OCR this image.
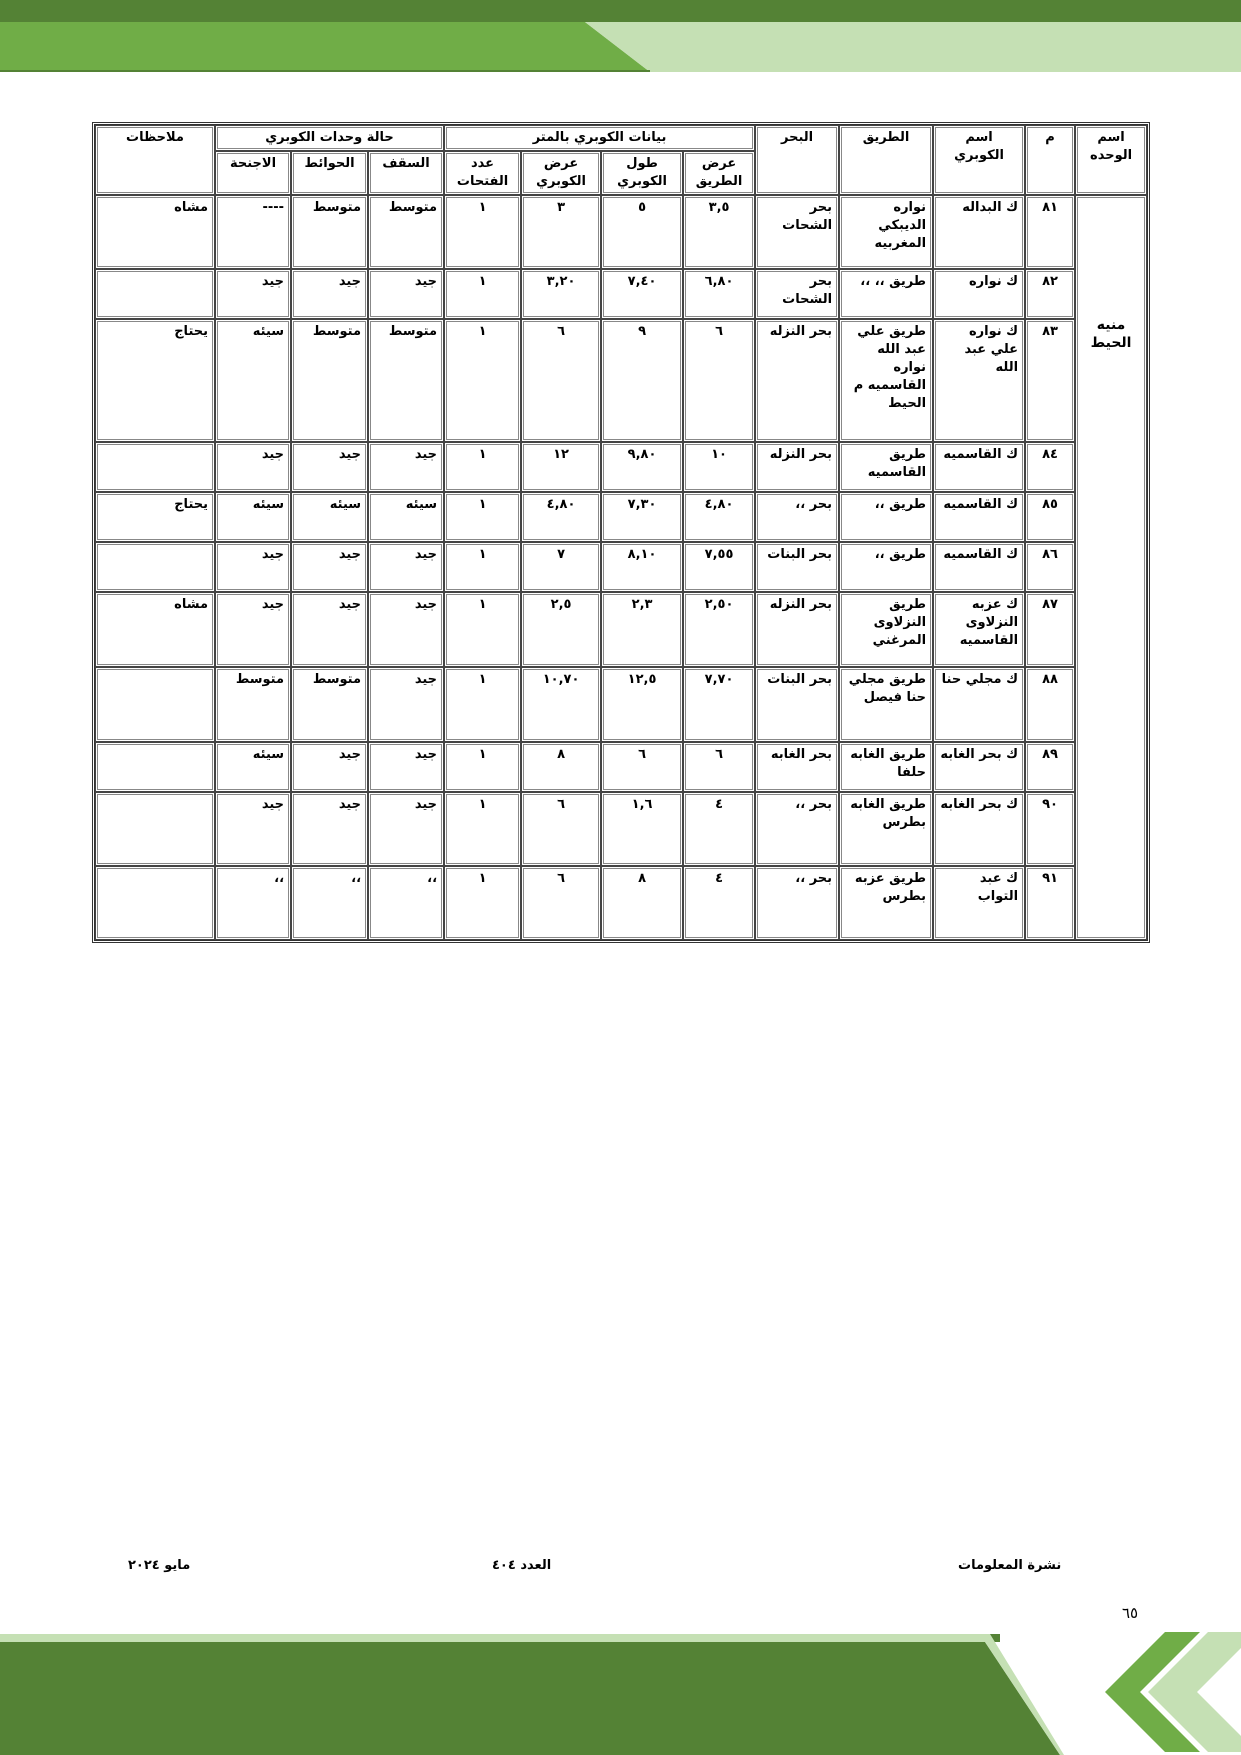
اسم الوحده	م	اسم الكوبري	الطريق	البحر	بيانات الكوبري بالمتر				حالة وحدات الكوبري			ملاحظات
					عرض الطريق	طول الكوبري	عرض الكوبري	عدد الفتحات	السقف	الحوائط	الاجنحة	
منيه الحيط	٨١	ك البداله	نواره الديبكي المغربيه	بحر الشحات	٣,٥	٥	٣	١	متوسط	متوسط	----	مشاه
	٨٢	ك نواره	طريق ،، ،،	بحر الشحات	٦,٨٠	٧,٤٠	٣,٢٠	١	جيد	جيد	جيد	
	٨٣	ك نواره علي عبد الله	طريق علي عبد الله نواره القاسميه م الحيط	بحر النزله	٦	٩	٦	١	متوسط	متوسط	سيئه	يحتاج
	٨٤	ك القاسميه	طريق القاسميه	بحر النزله	١٠	٩,٨٠	١٢	١	جيد	جيد	جيد	
	٨٥	ك القاسميه	طريق ،،	بحر ،،	٤,٨٠	٧,٣٠	٤,٨٠	١	سيئه	سيئه	سيئه	يحتاج
	٨٦	ك القاسميه	طريق ،،	بحر البنات	٧,٥٥	٨,١٠	٧	١	جيد	جيد	جيد	
	٨٧	ك عزبه النزلاوى القاسميه	طريق النزلاوى المرغني	بحر النزله	٢,٥٠	٢,٣	٢,٥	١	جيد	جيد	جيد	مشاه
	٨٨	ك مجلي حنا	طريق مجلي حنا فيصل	بحر البنات	٧,٧٠	١٢,٥	١٠,٧٠	١	جيد	متوسط	متوسط	
	٨٩	ك بحر الغابه	طريق الغابه حلفا	بحر الغابه	٦	٦	٨	١	جيد	جيد	سيئه	
	٩٠	ك بحر الغابه	طريق الغابه بطرس	بحر ،،	٤	١,٦	٦	١	جيد	جيد	جيد	
	٩١	ك عبد التواب	طريق عزبه بطرس	بحر ،،	٤	٨	٦	١	،،	،،	،،	
مايو ٢٠٢٤	العدد ٤٠٤	نشرة المعلومات
٦٥
